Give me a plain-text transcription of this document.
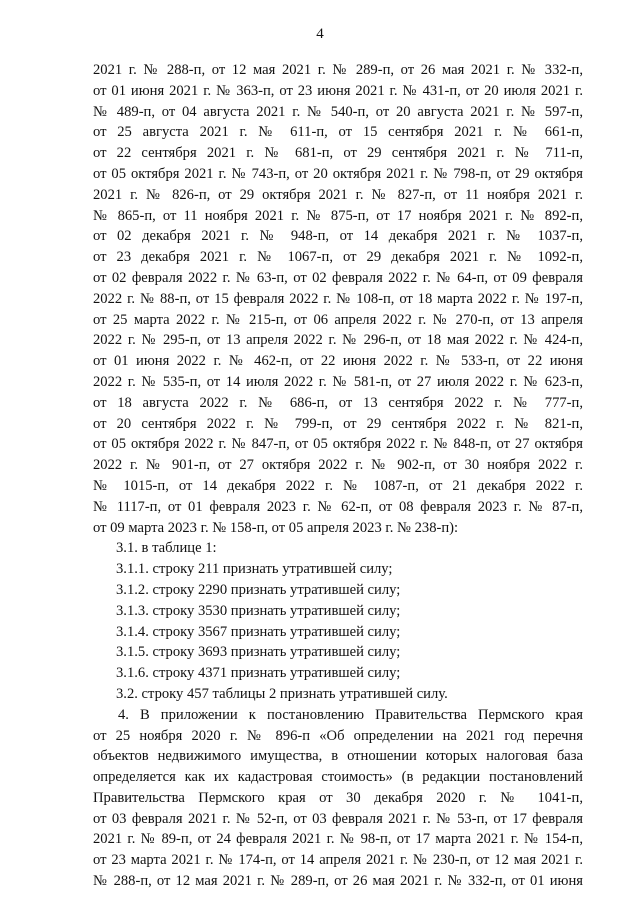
4
2021 г. № 288-п, от 12 мая 2021 г. № 289-п, от 26 мая 2021 г. № 332-п,
от 01 июня 2021 г. № 363-п, от 23 июня 2021 г. № 431-п, от 20 июля 2021 г.
№ 489-п, от 04 августа 2021 г. № 540-п, от 20 августа 2021 г. № 597-п,
от 25 августа 2021 г. № 611-п, от 15 сентября 2021 г. № 661-п,
от 22 сентября 2021 г. № 681-п, от 29 сентября 2021 г. № 711-п,
от 05 октября 2021 г. № 743-п, от 20 октября 2021 г. № 798-п, от 29 октября
2021 г. № 826-п, от 29 октября 2021 г. № 827-п, от 11 ноября 2021 г.
№ 865-п, от 11 ноября 2021 г. № 875-п, от 17 ноября 2021 г. № 892-п,
от 02 декабря 2021 г. № 948-п, от 14 декабря 2021 г. № 1037-п,
от 23 декабря 2021 г. № 1067-п, от 29 декабря 2021 г. № 1092-п,
от 02 февраля 2022 г. № 63-п, от 02 февраля 2022 г. № 64-п, от 09 февраля
2022 г. № 88-п, от 15 февраля 2022 г. № 108-п, от 18 марта 2022 г. № 197-п,
от 25 марта 2022 г. № 215-п, от 06 апреля 2022 г. № 270-п, от 13 апреля
2022 г. № 295-п, от 13 апреля 2022 г. № 296-п, от 18 мая 2022 г. № 424-п,
от 01 июня 2022 г. № 462-п, от 22 июня 2022 г. № 533-п, от 22 июня
2022 г. № 535-п, от 14 июля 2022 г. № 581-п, от 27 июля 2022 г. № 623-п,
от 18 августа 2022 г. № 686-п, от 13 сентября 2022 г. № 777-п,
от 20 сентября 2022 г. № 799-п, от 29 сентября 2022 г. № 821-п,
от 05 октября 2022 г. № 847-п, от 05 октября 2022 г. № 848-п, от 27 октября
2022 г. № 901-п, от 27 октября 2022 г. № 902-п, от 30 ноября 2022 г.
№ 1015-п, от 14 декабря 2022 г. № 1087-п, от 21 декабря 2022 г.
№ 1117-п, от 01 февраля 2023 г. № 62-п, от 08 февраля 2023 г. № 87-п,
от 09 марта 2023 г. № 158-п, от 05 апреля 2023 г. № 238-п):
3.1. в таблице 1:
3.1.1. строку 211 признать утратившей силу;
3.1.2. строку 2290 признать утратившей силу;
3.1.3. строку 3530 признать утратившей силу;
3.1.4. строку 3567 признать утратившей силу;
3.1.5. строку 3693 признать утратившей силу;
3.1.6. строку 4371 признать утратившей силу;
3.2. строку 457 таблицы 2 признать утратившей силу.
4. В приложении к постановлению Правительства Пермского края
от 25 ноября 2020 г. № 896-п «Об определении на 2021 год перечня
объектов недвижимого имущества, в отношении которых налоговая база
определяется как их кадастровая стоимость» (в редакции постановлений
Правительства Пермского края от 30 декабря 2020 г. № 1041-п,
от 03 февраля 2021 г. № 52-п, от 03 февраля 2021 г. № 53-п, от 17 февраля
2021 г. № 89-п, от 24 февраля 2021 г. № 98-п, от 17 марта 2021 г. № 154-п,
от 23 марта 2021 г. № 174-п, от 14 апреля 2021 г. № 230-п, от 12 мая 2021 г.
№ 288-п, от 12 мая 2021 г. № 289-п, от 26 мая 2021 г. № 332-п, от 01 июня
